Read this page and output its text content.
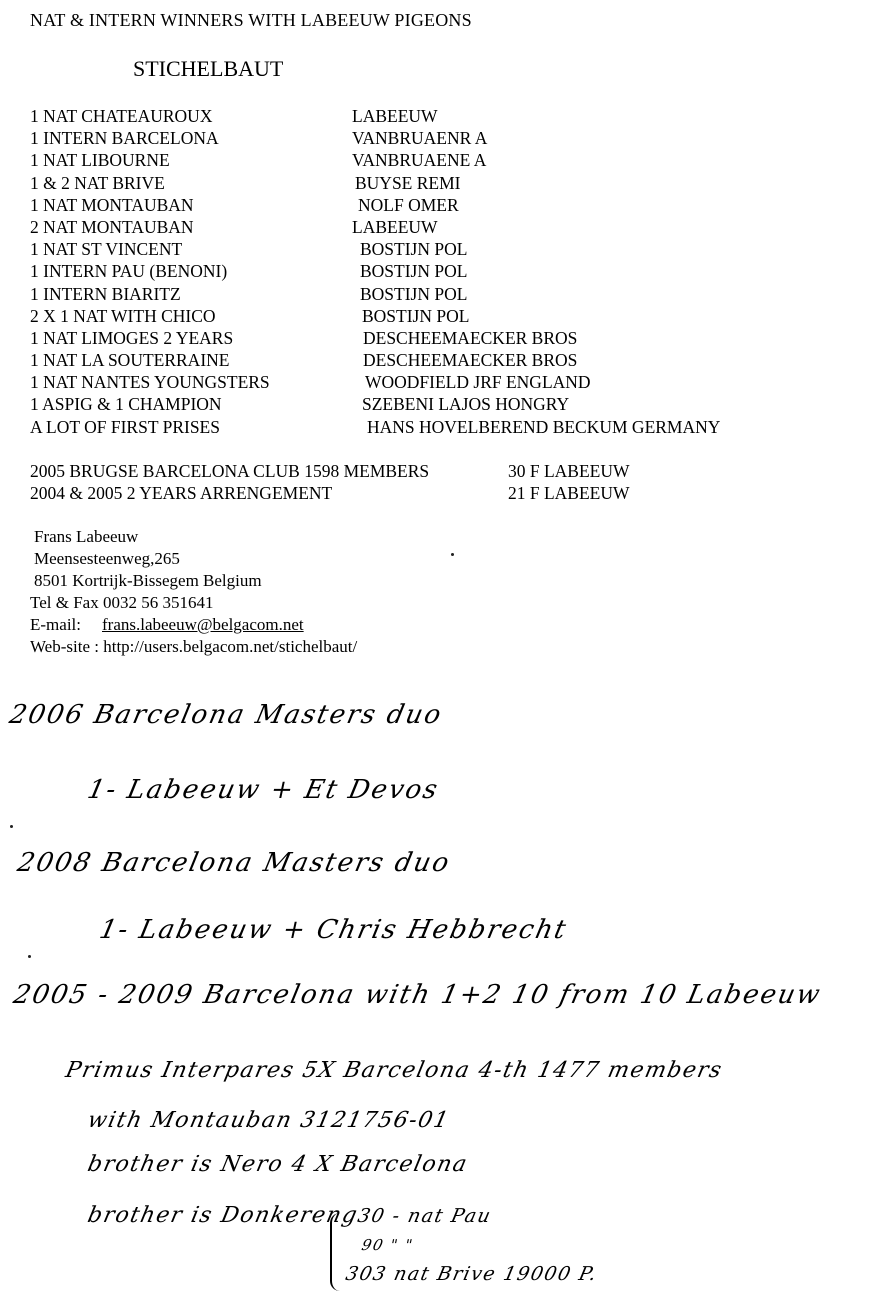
NAT & INTERN WINNERS WITH LABEEUW PIGEONS
STICHELBAUT
1 NAT CHATEAUROUX	LABEEUW
1 INTERN BARCELONA	VANBRUAENR A
1 NAT LIBOURNE	VANBRUAENE A
1 & 2 NAT BRIVE	BUYSE REMI
1 NAT MONTAUBAN	NOLF OMER
2 NAT MONTAUBAN	LABEEUW
1 NAT ST VINCENT	BOSTIJN POL
1 INTERN PAU (BENONI)	BOSTIJN POL
1 INTERN BIARITZ	BOSTIJN POL
2 X 1 NAT WITH CHICO	BOSTIJN POL
1 NAT LIMOGES 2 YEARS	DESCHEEMAECKER BROS
1 NAT LA SOUTERRAINE	DESCHEEMAECKER BROS
1 NAT NANTES YOUNGSTERS	WOODFIELD JRF ENGLAND
1 ASPIG & 1 CHAMPION	SZEBENI LAJOS HONGRY
A LOT OF FIRST PRISES	HANS HOVELBEREND BECKUM GERMANY
2005 BRUGSE BARCELONA CLUB 1598 MEMBERS	30 F LABEEUW
2004 & 2005 2 YEARS ARRENGEMENT	21 F LABEEUW
Frans Labeeuw
Meensesteenweg,265
8501 Kortrijk-Bissegem Belgium
Tel & Fax 0032 56 351641
E-mail: frans.labeeuw@belgacom.net
Web-site : http://users.belgacom.net/stichelbaut/
2006 Barcelona Masters duo
1- Labeeuw + Et Devos
2008 Barcelona Masters duo
1- Labeeuw + Chris Hebbrecht
2005 - 2009 Barcelona with 1+2 10 from 10 Labeeuw
Primus Interpares 5X Barcelona 4-th 1477 members
with Montauban 3121756-01
brother is Nero 4 X Barcelona
brother is Donkereng
30 - nat Pau
90 " "
303 nat Brive 19000 P.
